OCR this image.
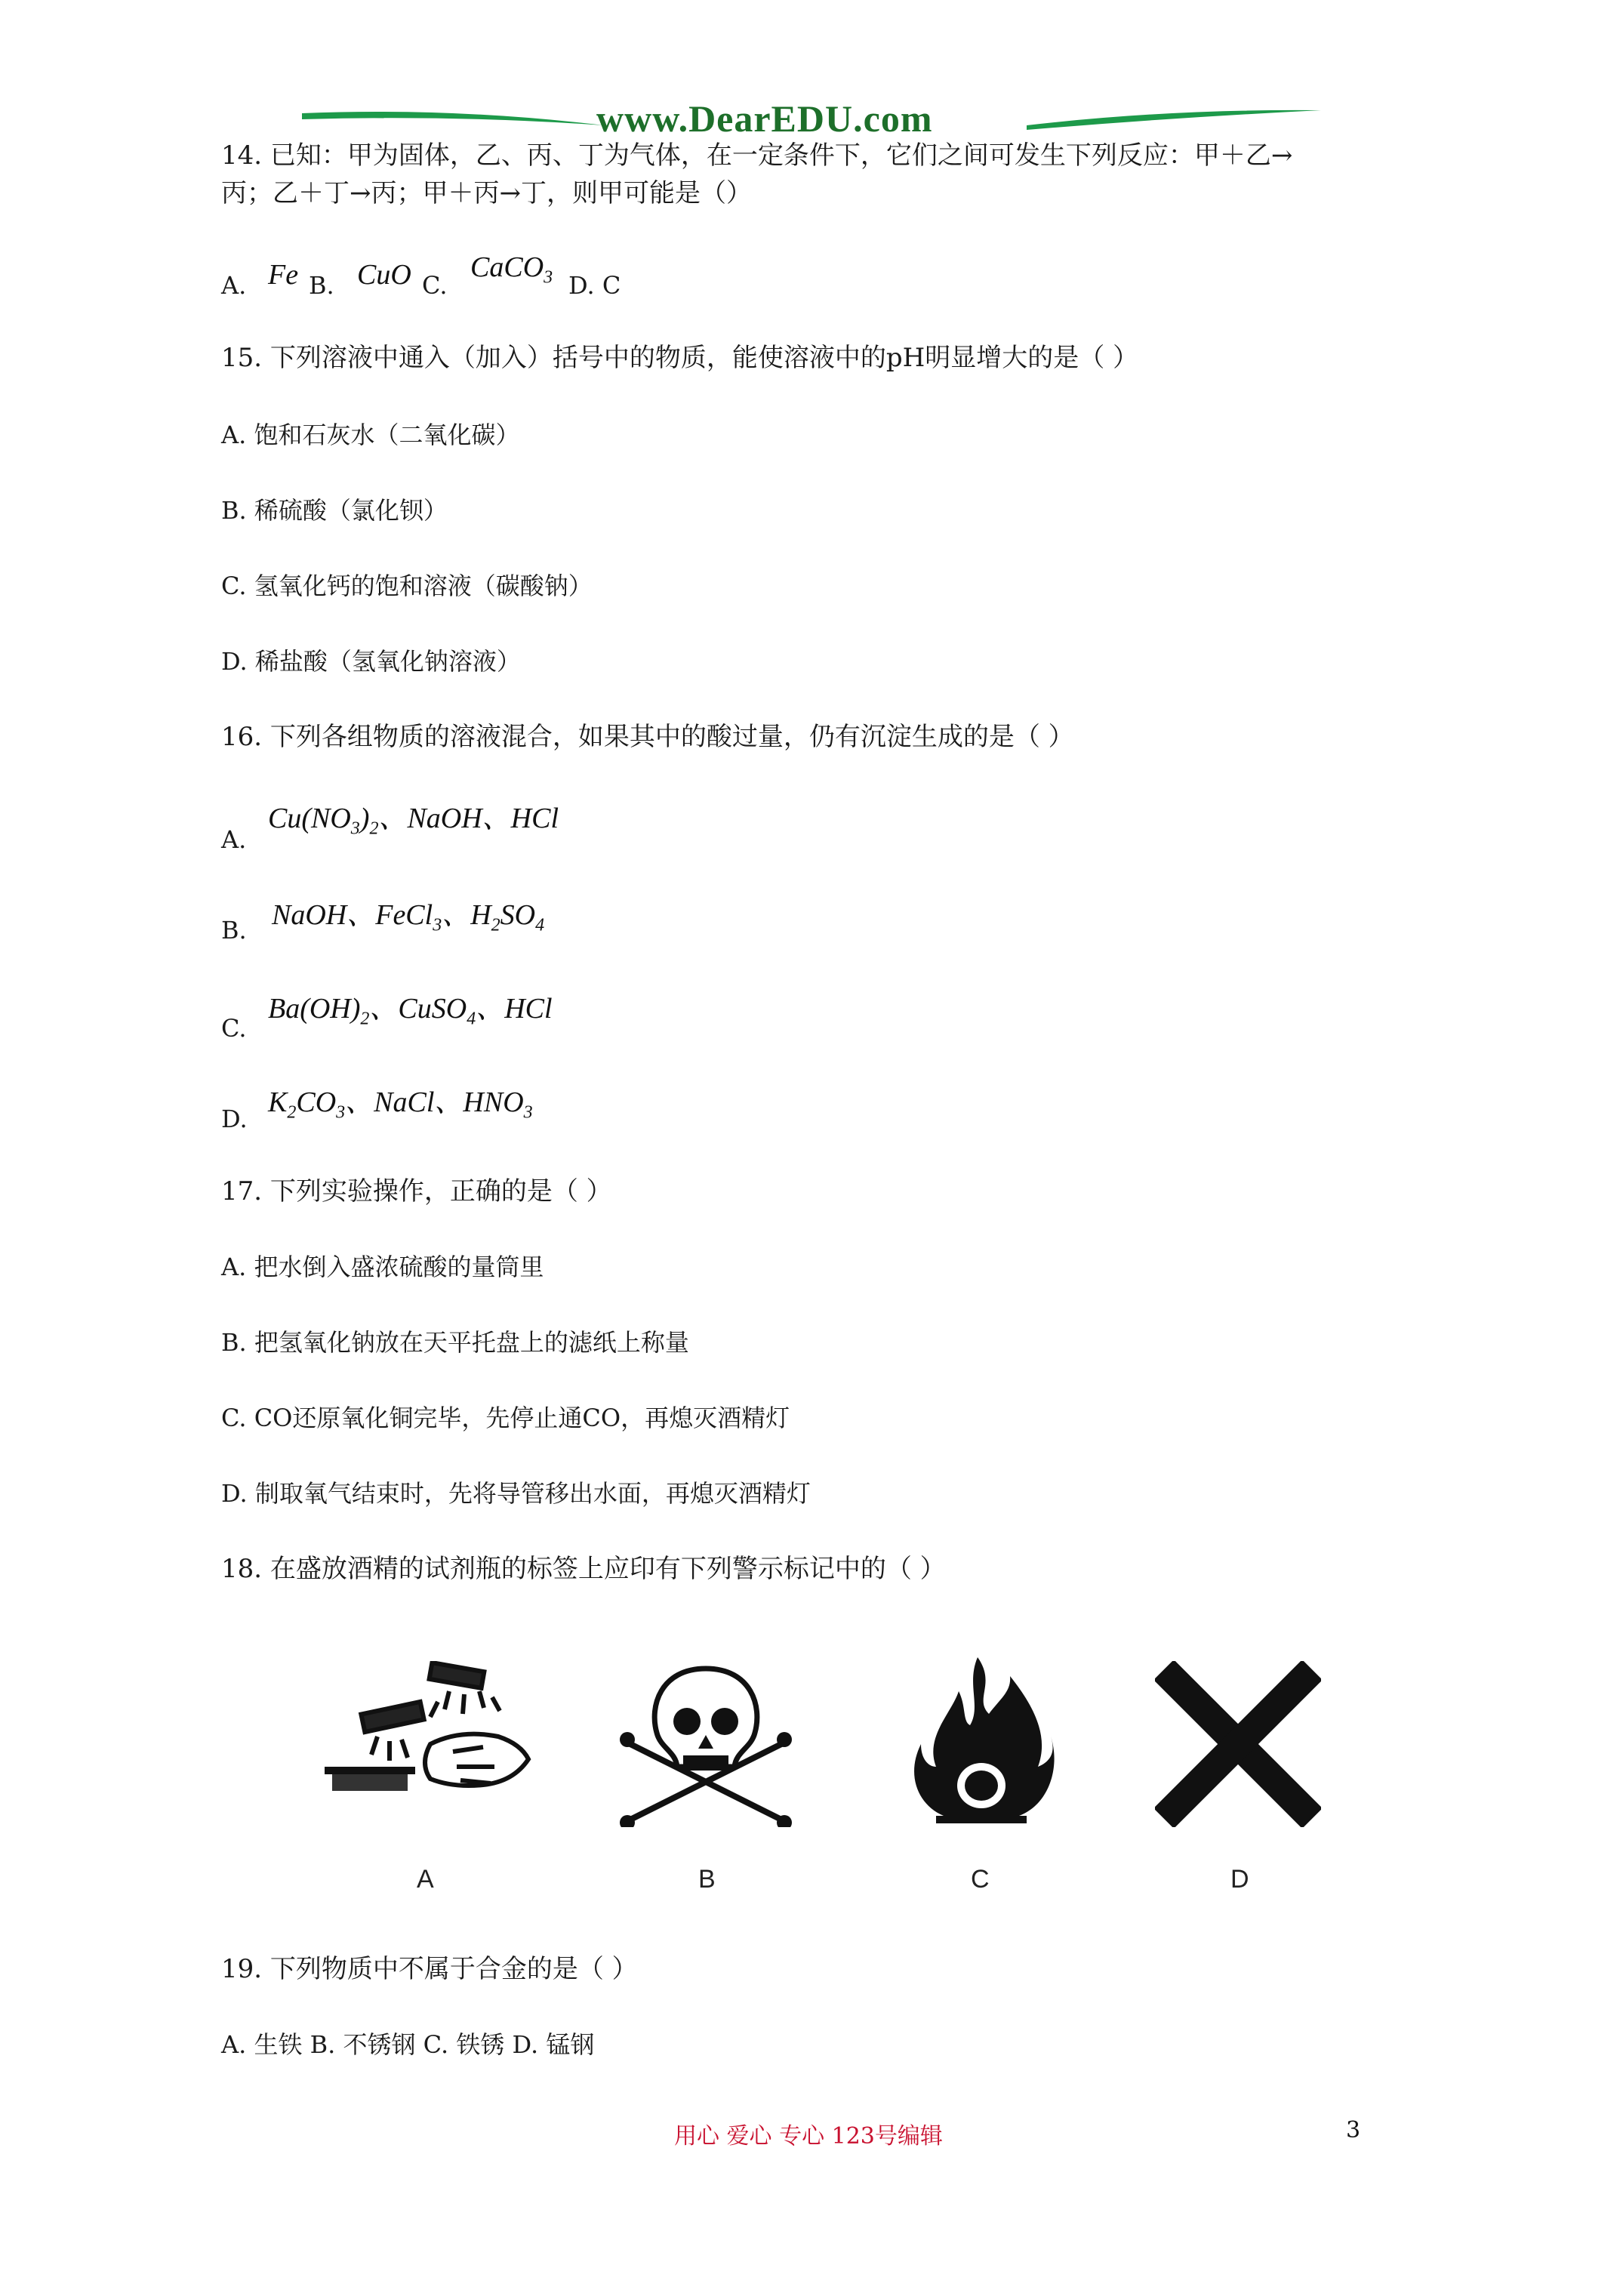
www.DearEDU.com
14. 已知：甲为固体，乙、丙、丁为气体，在一定条件下，它们之间可发生下列反应：甲＋乙→
丙；乙＋丁→丙；甲＋丙→丁，则甲可能是（）
A. Fe B. CuO C.
CaCO$_3$ D. C
15. 下列溶液中通入（加入）括号中的物质，能使溶液中的pH明显增大的是（ ）
A. 饱和石灰水（二氧化碳）
B. 稀硫酸（氯化钡）
C. 氢氧化钙的饱和溶液（碳酸钠）
D. 稀盐酸（氢氧化钠溶液）
16. 下列各组物质的溶液混合，如果其中的酸过量，仍有沉淀生成的是（ ）
A.
$Cu(NO_3)_2$、NaOH、HCl
B. NaOH、FeCl$_3$、$H_2SO_4$
C.
$Ba(OH)_2$、CuSO$_4$、HCl
D.
$K_2CO_3$、NaCl、$HNO_3$
17. 下列实验操作，正确的是（ ）
A. 把水倒入盛浓硫酸的量筒里
B. 把氢氧化钠放在天平托盘上的滤纸上称量
C. CO还原氧化铜完毕，先停止通CO，再熄灭酒精灯
D. 制取氧气结束时，先将导管移出水面，再熄灭酒精灯
18. 在盛放酒精的试剂瓶的标签上应印有下列警示标记中的（ ）
A	B	C	D
19. 下列物质中不属于合金的是（ ）
A. 生铁 B. 不锈钢 C. 铁锈 D. 锰钢
用心 爱心 专心 123号编辑	3
